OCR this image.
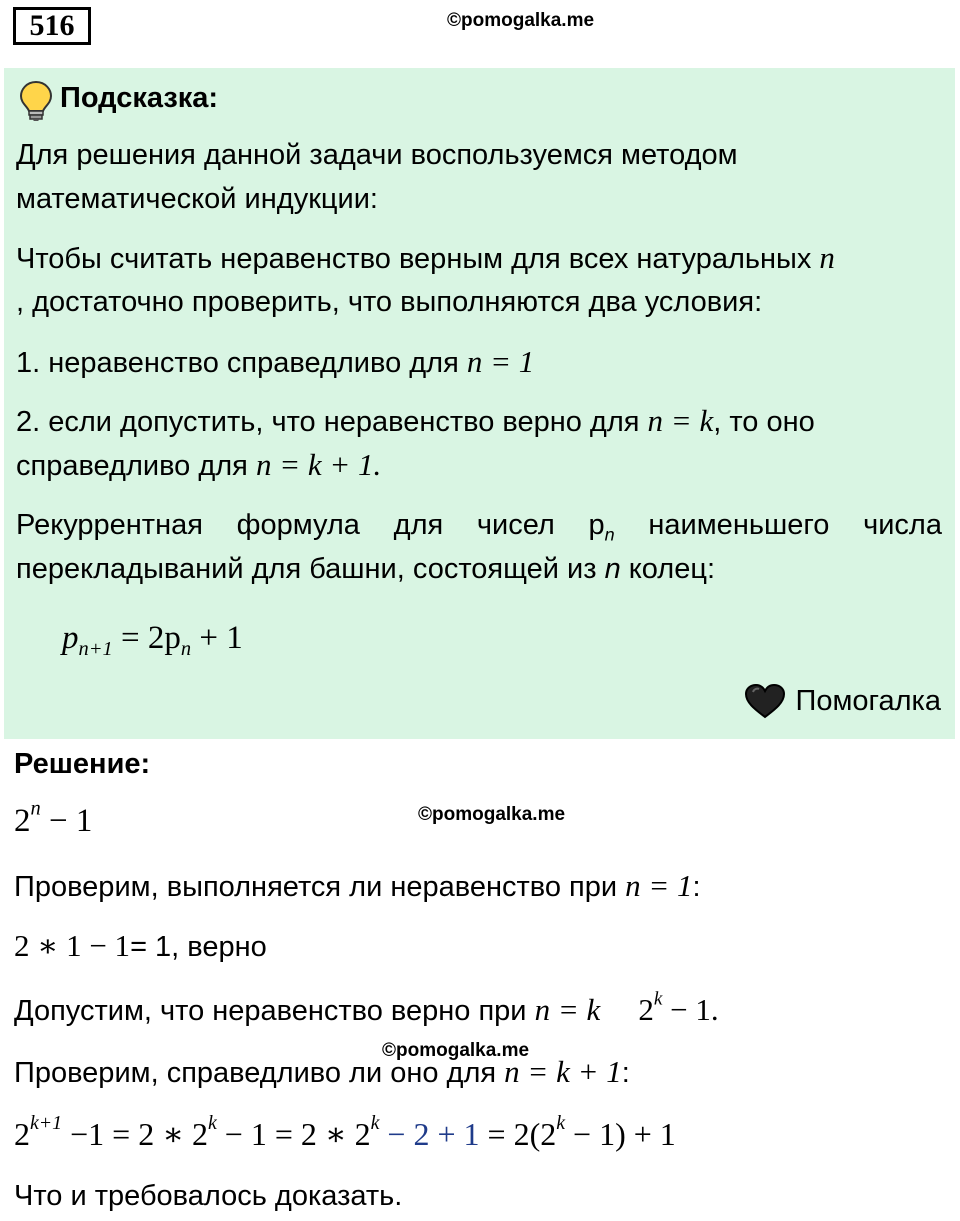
516	©pomogalka.me
Подсказка:
Для решения данной задачи воспользуемся методом
математической индукции:
Чтобы считать неравенство верным для всех натуральных n
, достаточно проверить, что выполняются два условия:
1. неравенство справедливо для n = 1
2. если допустить, что неравенство верно для n = k, то оно
справедливо для n = k + 1.
Рекуррентная формула для чисел $p_n$ наименьшего числа
перекладываний для башни, состоящей из n колец:
$p_{n+1} = 2p_n + 1$
Помогалка
Решение:
$2^n - 1$	©pomogalka.me
Проверим, выполняется ли неравенство при n = 1:
2 ∗ 1 − 1= 1, верно
Допустим, что неравенство верно при n = k $2^k - 1$.
©pomogalka.me
Проверим, справедливо ли оно для n = k + 1:
$2^{k+1} -1 = 2$ ∗ $2^k - 1 = 2$ ∗ $2^k - 2 + 1 = 2(2^k - 1) + 1$
Что и требовалось доказать.
